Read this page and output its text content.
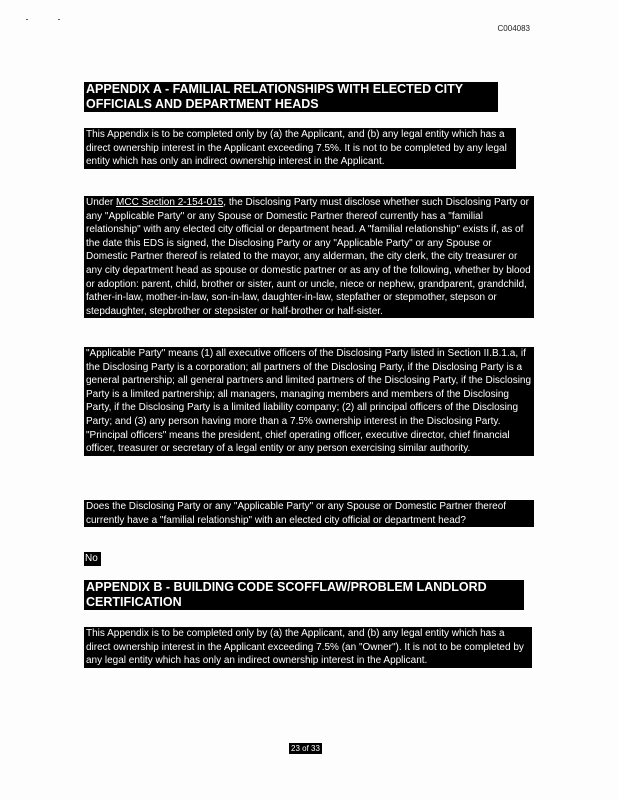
C004083
APPENDIX A - FAMILIAL RELATIONSHIPS WITH ELECTED CITY OFFICIALS AND DEPARTMENT HEADS
This Appendix is to be completed only by (a) the Applicant, and (b) any legal entity which has a direct ownership interest in the Applicant exceeding 7.5%. It is not to be completed by any legal entity which has only an indirect ownership interest in the Applicant.
Under MCC Section 2-154-015, the Disclosing Party must disclose whether such Disclosing Party or any "Applicable Party" or any Spouse or Domestic Partner thereof currently has a "familial relationship" with any elected city official or department head. A "familial relationship" exists if, as of the date this EDS is signed, the Disclosing Party or any "Applicable Party" or any Spouse or Domestic Partner thereof is related to the mayor, any alderman, the city clerk, the city treasurer or any city department head as spouse or domestic partner or as any of the following, whether by blood or adoption: parent, child, brother or sister, aunt or uncle, niece or nephew, grandparent, grandchild, father-in-law, mother-in-law, son-in-law, daughter-in-law, stepfather or stepmother, stepson or stepdaughter, stepbrother or stepsister or half-brother or half-sister.
"Applicable Party" means (1) all executive officers of the Disclosing Party listed in Section II.B.1.a, if the Disclosing Party is a corporation; all partners of the Disclosing Party, if the Disclosing Party is a general partnership; all general partners and limited partners of the Disclosing Party, if the Disclosing Party is a limited partnership; all managers, managing members and members of the Disclosing Party, if the Disclosing Party is a limited liability company; (2) all principal officers of the Disclosing Party; and (3) any person having more than a 7.5% ownership interest in the Disclosing Party. "Principal officers" means the president, chief operating officer, executive director, chief financial officer, treasurer or secretary of a legal entity or any person exercising similar authority.
Does the Disclosing Party or any "Applicable Party" or any Spouse or Domestic Partner thereof currently have a "familial relationship" with an elected city official or department head?
No
APPENDIX B - BUILDING CODE SCOFFLAW/PROBLEM LANDLORD CERTIFICATION
This Appendix is to be completed only by (a) the Applicant, and (b) any legal entity which has a direct ownership interest in the Applicant exceeding 7.5% (an "Owner"). It is not to be completed by any legal entity which has only an indirect ownership interest in the Applicant.
23 of 33
